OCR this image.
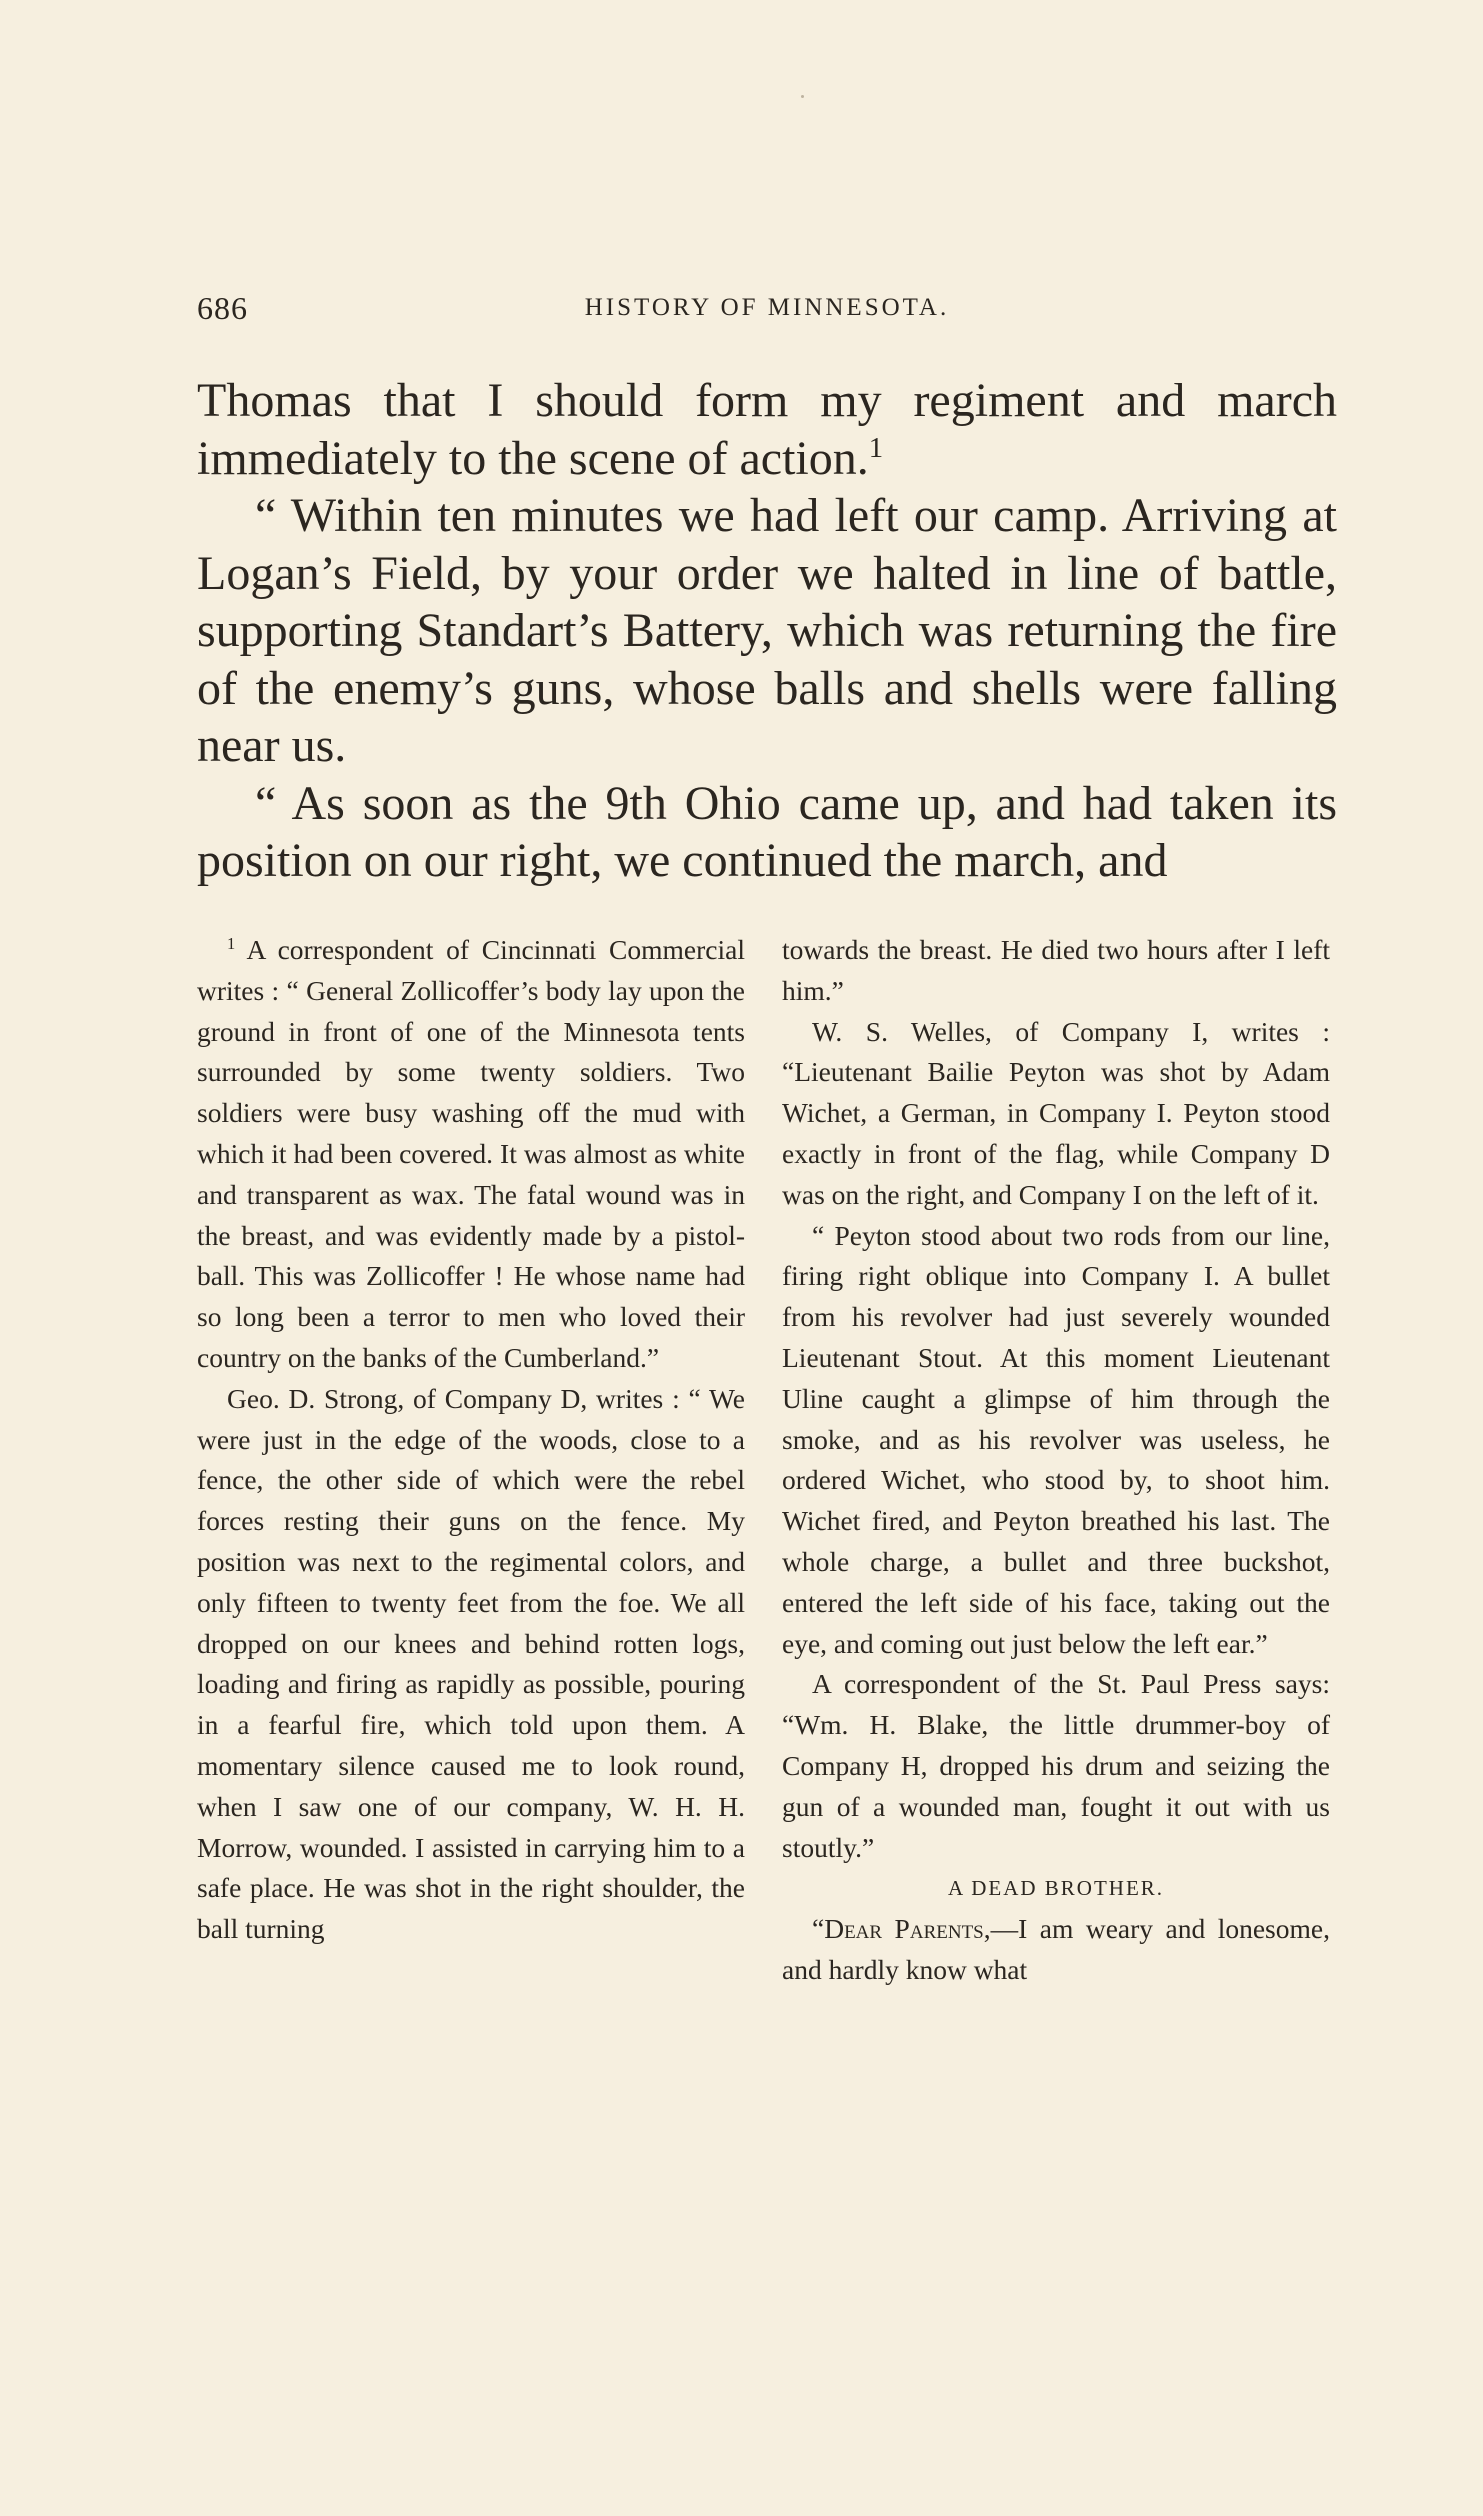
686	HISTORY OF MINNESOTA.

Thomas that I should form my regiment and march immediately to the scene of action.$^1$

“ Within ten minutes we had left our camp. Arriving at Logan’s Field, by your order we halted in line of battle, supporting Standart’s Battery, which was returning the fire of the enemy’s guns, whose balls and shells were falling near us.

“ As soon as the 9th Ohio came up, and had taken its position on our right, we continued the march, and

$^1$ A correspondent of Cincinnati Commercial writes : “ General Zollicoffer’s body lay upon the ground in front of one of the Minnesota tents surrounded by some twenty soldiers. Two soldiers were busy washing off the mud with which it had been covered. It was almost as white and transparent as wax. The fatal wound was in the breast, and was evidently made by a pistol-ball. This was Zollicoffer ! He whose name had so long been a terror to men who loved their country on the banks of the Cumberland.”

Geo. D. Strong, of Company D, writes : “ We were just in the edge of the woods, close to a fence, the other side of which were the rebel forces resting their guns on the fence. My position was next to the regimental colors, and only fifteen to twenty feet from the foe. We all dropped on our knees and behind rotten logs, loading and firing as rapidly as possible, pouring in a fearful fire, which told upon them. A momentary silence caused me to look round, when I saw one of our company, W. H. H. Morrow, wounded. I assisted in carrying him to a safe place. He was shot in the right shoulder, the ball turning

towards the breast. He died two hours after I left him.”

W. S. Welles, of Company I, writes : “Lieutenant Bailie Peyton was shot by Adam Wichet, a German, in Company I. Peyton stood exactly in front of the flag, while Company D was on the right, and Company I on the left of it.

“ Peyton stood about two rods from our line, firing right oblique into Company I. A bullet from his revolver had just severely wounded Lieutenant Stout. At this moment Lieutenant Uline caught a glimpse of him through the smoke, and as his revolver was useless, he ordered Wichet, who stood by, to shoot him. Wichet fired, and Peyton breathed his last. The whole charge, a bullet and three buckshot, entered the left side of his face, taking out the eye, and coming out just below the left ear.”

A correspondent of the St. Paul Press says: “Wm. H. Blake, the little drummer-boy of Company H, dropped his drum and seizing the gun of a wounded man, fought it out with us stoutly.”

A DEAD BROTHER.

“Dear Parents,—I am weary and lonesome, and hardly know what
